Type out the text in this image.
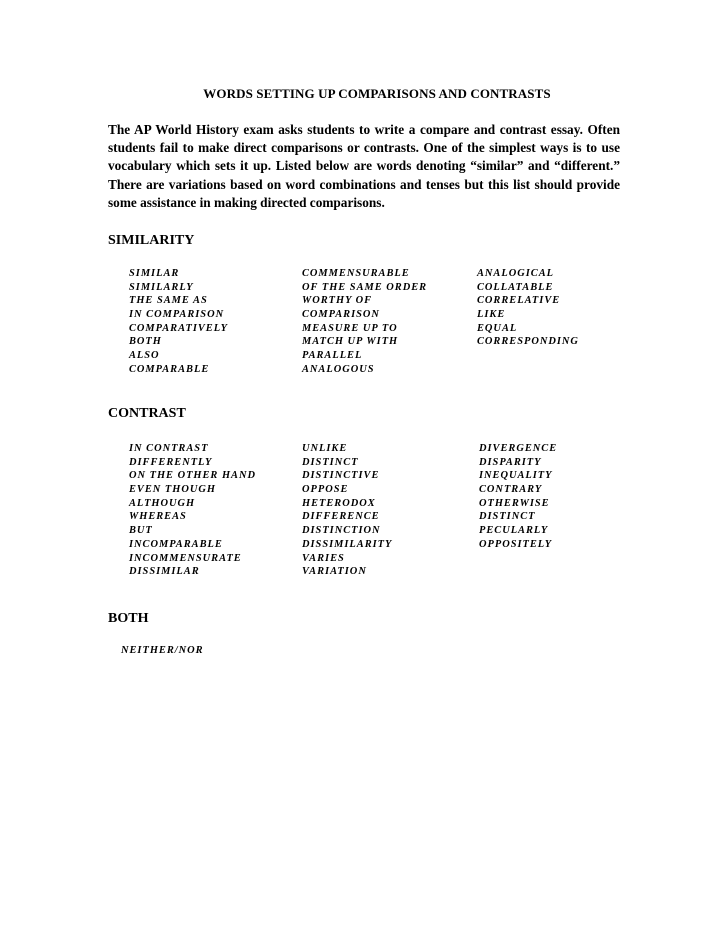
WORDS SETTING UP COMPARISONS AND CONTRASTS
The AP World History exam asks students to write a compare and contrast essay. Often students fail to make direct comparisons or contrasts. One of the simplest ways is to use vocabulary which sets it up. Listed below are words denoting “similar” and “different.” There are variations based on word combinations and tenses but this list should provide some assistance in making directed comparisons.
SIMILARITY
SIMILAR
SIMILARLY
THE SAME AS
IN COMPARISON
COMPARATIVELY
BOTH
ALSO
COMPARABLE
COMMENSURABLE
OF THE SAME ORDER
WORTHY OF
COMPARISON
MEASURE UP TO
MATCH UP WITH
PARALLEL
ANALOGOUS
ANALOGICAL
COLLATABLE
CORRELATIVE
LIKE
EQUAL
CORRESPONDING
CONTRAST
IN CONTRAST
DIFFERENTLY
ON THE OTHER HAND
EVEN THOUGH
ALTHOUGH
WHEREAS
BUT
INCOMPARABLE
INCOMMENSURATE
DISSIMILAR
UNLIKE
DISTINCT
DISTINCTIVE
OPPOSE
HETERODOX
DIFFERENCE
DISTINCTION
DISSIMILARITY
VARIES
VARIATION
DIVERGENCE
DISPARITY
INEQUALITY
CONTRARY
OTHERWISE
DISTINCT
PECULARLY
OPPOSITELY
BOTH
NEITHER/NOR
